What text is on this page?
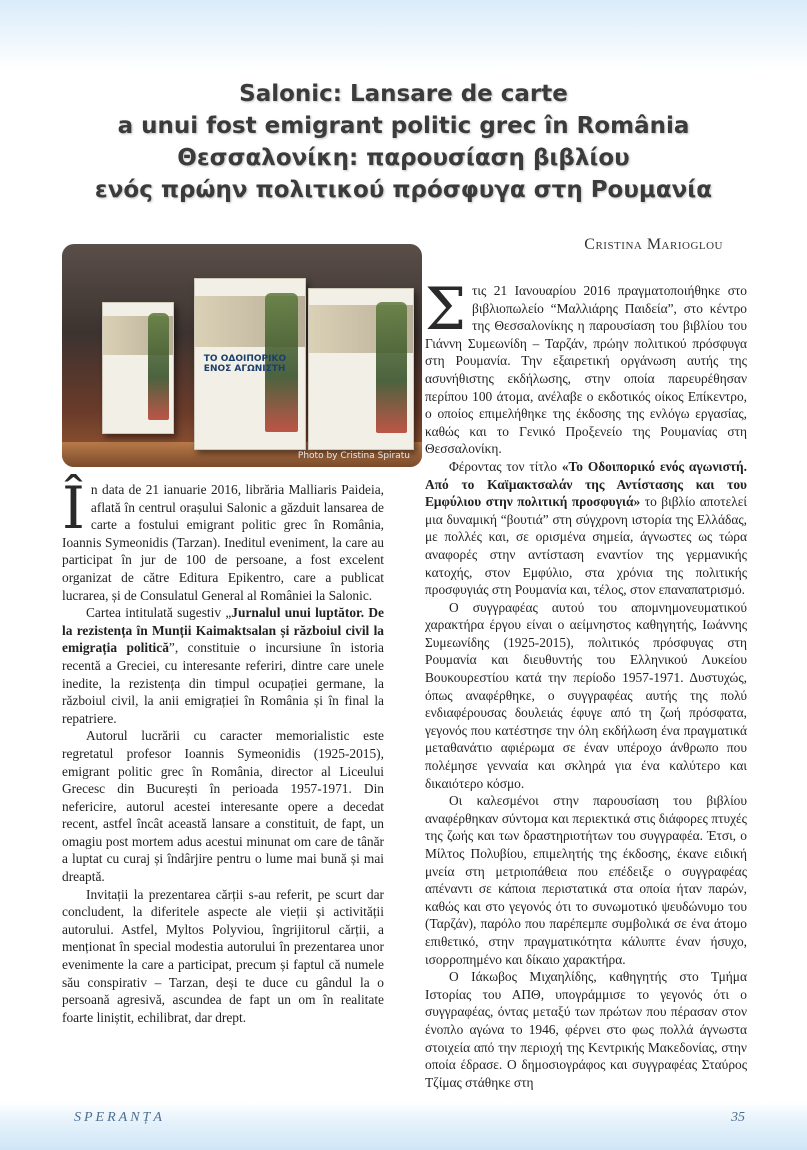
Salonic: Lansare de carte
a unui fost emigrant politic grec în România
Θεσσαλονίκη: παρουσίαση βιβλίου
ενός πρώην πολιτικού πρόσφυγα στη Ρουμανία
Cristina Marioglou
ΤΟ ΟΔΟΙΠΟΡΙΚΟ ΕΝΟΣ ΑΓΩΝΙΣΤΗ
Photo by Cristina Spiratu

În data de 21 ianuarie 2016, librăria Malliaris Paideia, aflată în centrul orașului Salonic a găzduit lansarea de carte a fostului emigrant politic grec în România, Ioannis Symeonidis (Tarzan). Ineditul eveniment, la care au participat în jur de 100 de persoane, a fost excelent organizat de către Editura Epikentro, care a publicat lucrarea, și de Consulatul General al României la Salonic.

Cartea intitulată sugestiv „Jurnalul unui luptător. De la rezistența în Munții Kaimaktsalan și războiul civil la emigrația politică”, constituie o incursiune în istoria recentă a Greciei, cu interesante referiri, dintre care unele inedite, la rezistența din timpul ocupației germane, la războiul civil, la anii emigrației în România și în final la repatriere.

Autorul lucrării cu caracter memorialistic este regretatul profesor Ioannis Symeonidis (1925-2015), emigrant politic grec în România, director al Liceului Grecesc din București în perioada 1957-1971. Din nefericire, autorul acestei interesante opere a decedat recent, astfel încât această lansare a constituit, de fapt, un omagiu post mortem adus acestui minunat om care de tânăr a luptat cu curaj și îndârjire pentru o lume mai bună și mai dreaptă.

Invitații la prezentarea cărții s-au referit, pe scurt dar concludent, la diferitele aspecte ale vieții și activității autorului. Astfel, Myltos Polyviou, îngrijitorul cărții, a menționat în special modestia autorului în prezentarea unor evenimente la care a participat, precum și faptul că numele său conspirativ – Tarzan, deși te duce cu gândul la o persoană agresivă, ascundea de fapt un om în realitate foarte liniștit, echilibrat, dar drept.

Στις 21 Ιανουαρίου 2016 πραγματοποιήθηκε στο βιβλιοπωλείο “Μαλλιάρης Παιδεία”, στο κέντρο της Θεσσαλονίκης η παρουσίαση του βιβλίου του Γιάννη Συμεωνίδη – Ταρζάν, πρώην πολιτικού πρόσφυγα στη Ρουμανία. Την εξαιρετική οργάνωση αυτής της ασυνήθιστης εκδήλωσης, στην οποία παρευρέθησαν περίπου 100 άτομα, ανέλαβε ο εκδοτικός οίκος Επίκεντρο, ο οποίος επιμελήθηκε της έκδοσης της ενλόγω εργασίας, καθώς και το Γενικό Προξενείο της Ρουμανίας στη Θεσσαλονίκη.

Φέροντας τον τίτλο «Το Οδοιπορικό ενός αγωνιστή. Από το Καϊμακτσαλάν της Αντίστασης και του Εμφύλιου στην πολιτική προσφυγιά» το βιβλίο αποτελεί μια δυναμική “βουτιά” στη σύγχρονη ιστορία της Ελλάδας, με πολλές και, σε ορισμένα σημεία, άγνωστες ως τώρα αναφορές στην αντίσταση εναντίον της γερμανικής κατοχής, στον Εμφύλιο, στα χρόνια της πολιτικής προσφυγιάς στη Ρουμανία και, τέλος, στον επαναπατρισμό.

Ο συγγραφέας αυτού του απομνημονευματικού χαρακτήρα έργου είναι ο αείμνηστος καθηγητής, Ιωάννης Συμεωνίδης (1925-2015), πολιτικός πρόσφυγας στη Ρουμανία και διευθυντής του Ελληνικού Λυκείου Βουκουρεστίου κατά την περίοδο 1957-1971. Δυστυχώς, όπως αναφέρθηκε, ο συγγραφέας αυτής της πολύ ενδιαφέρουσας δουλειάς έφυγε από τη ζωή πρόσφατα, γεγονός που κατέστησε την όλη εκδήλωση ένα πραγματικά μεταθανάτιο αφιέρωμα σε έναν υπέροχο άνθρωπο που πολέμησε γενναία και σκληρά για ένα καλύτερο και δικαιότερο κόσμο.

Οι καλεσμένοι στην παρουσίαση του βιβλίου αναφέρθηκαν σύντομα και περιεκτικά στις διάφορες πτυχές της ζωής και των δραστηριοτήτων του συγγραφέα. Έτσι, ο Μίλτος Πολυβίου, επιμελητής της έκδοσης, έκανε ειδική μνεία στη μετριοπάθεια που επέδειξε ο συγγραφέας απέναντι σε κάποια περιστατικά στα οποία ήταν παρών, καθώς και στο γεγονός ότι το συνωμοτικό ψευδώνυμο του (Ταρζάν), παρόλο που παρέπεμπε συμβολικά σε ένα άτομο επιθετικό, στην πραγματικότητα κάλυπτε έναν ήσυχο, ισορροπημένο και δίκαιο χαρακτήρα.

Ο Ιάκωβος Μιχαηλίδης, καθηγητής στο Τμήμα Ιστορίας του ΑΠΘ, υπογράμμισε το γεγονός ότι ο συγγραφέας, όντας μεταξύ των πρώτων που πέρασαν στον ένοπλο αγώνα το 1946, φέρνει στο φως πολλά άγνωστα στοιχεία από την περιοχή της Κεντρικής Μακεδονίας, στην οποία έδρασε. Ο δημοσιογράφος και συγγραφέας Σταύρος Τζίμας στάθηκε στη

SPERANȚA	35
